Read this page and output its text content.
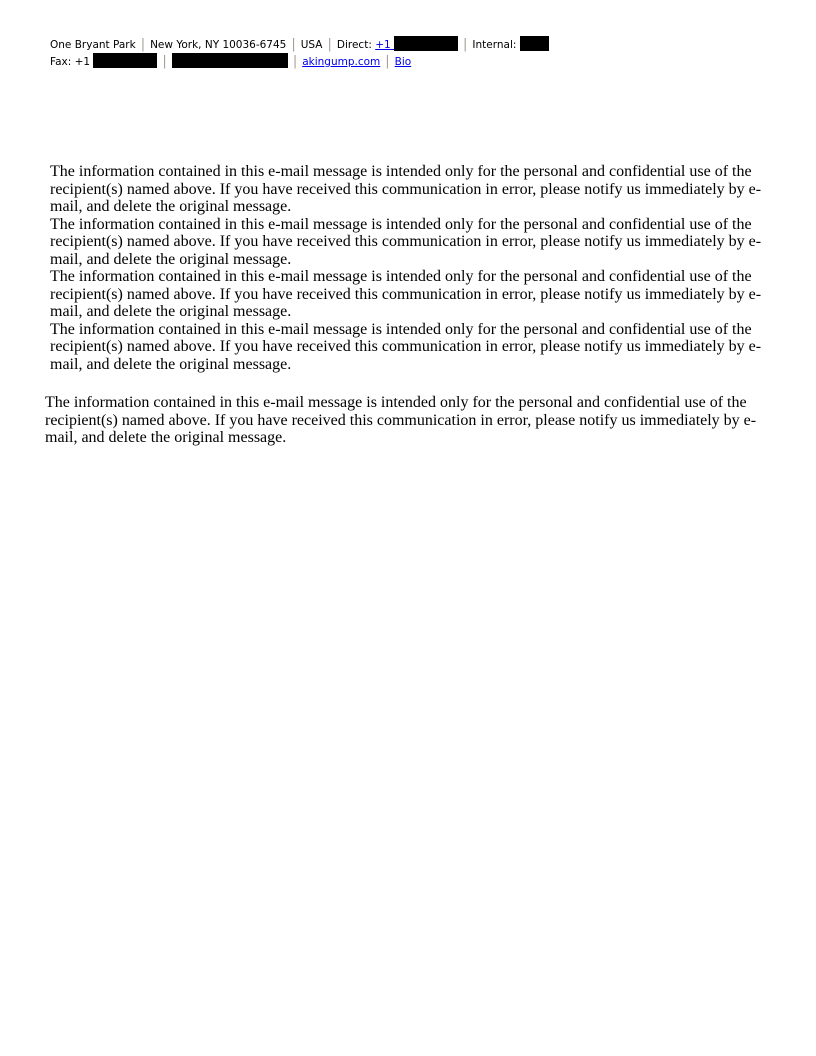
One Bryant Park | New York, NY 10036-6745 | USA | Direct: +1	| Internal:
Fax: +1	|	| akingump.com | Bio
The information contained in this e-mail message is intended only for the personal and confidential use of the recipient(s) named above. If you have received this communication in error, please notify us immediately by e-mail, and delete the original message.
The information contained in this e-mail message is intended only for the personal and confidential use of the recipient(s) named above. If you have received this communication in error, please notify us immediately by e-mail, and delete the original message.
The information contained in this e-mail message is intended only for the personal and confidential use of the recipient(s) named above. If you have received this communication in error, please notify us immediately by e-mail, and delete the original message.
The information contained in this e-mail message is intended only for the personal and confidential use of the recipient(s) named above. If you have received this communication in error, please notify us immediately by e-mail, and delete the original message.
The information contained in this e-mail message is intended only for the personal and confidential use of the recipient(s) named above. If you have received this communication in error, please notify us immediately by e-mail, and delete the original message.
